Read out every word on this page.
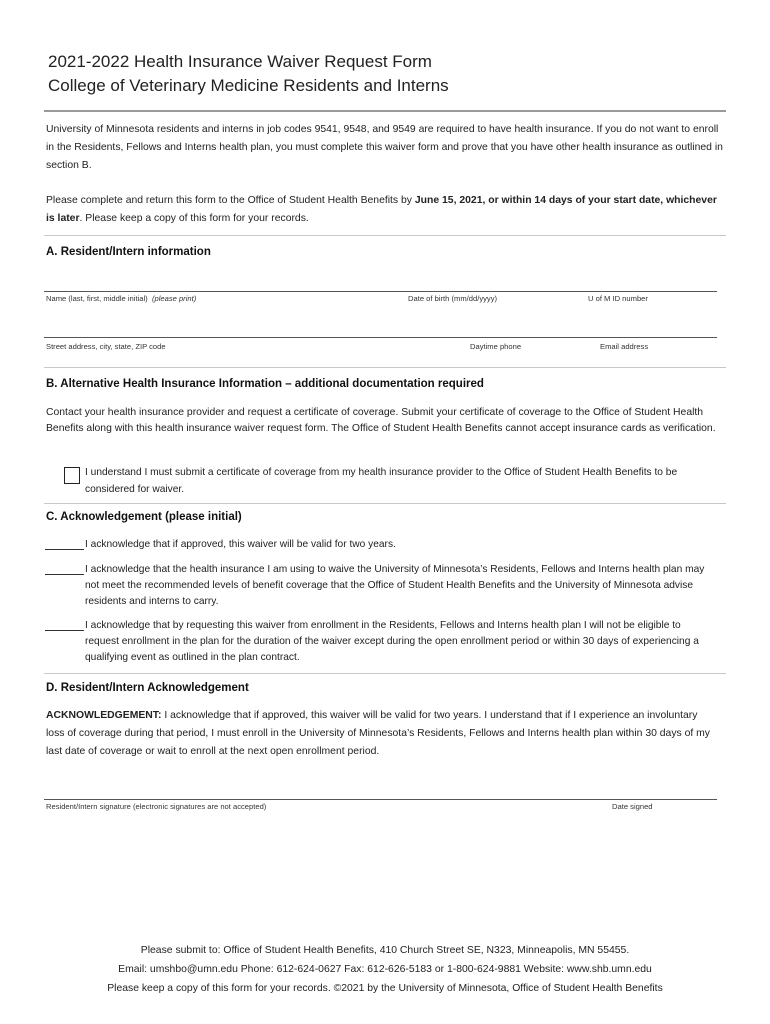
2021-2022 Health Insurance Waiver Request Form
College of Veterinary Medicine Residents and Interns
University of Minnesota residents and interns in job codes 9541, 9548, and 9549 are required to have health insurance. If you do not want to enroll in the Residents, Fellows and Interns health plan, you must complete this waiver form and prove that you have other health insurance as outlined in section B.
Please complete and return this form to the Office of Student Health Benefits by June 15, 2021, or within 14 days of your start date, whichever is later. Please keep a copy of this form for your records.
A. Resident/Intern information
Name (last, first, middle initial) (please print)	Date of birth (mm/dd/yyyy)	U of M ID number
Street address, city, state, ZIP code	Daytime phone	Email address
B. Alternative Health Insurance Information – additional documentation required
Contact your health insurance provider and request a certificate of coverage. Submit your certificate of coverage to the Office of Student Health Benefits along with this health insurance waiver request form. The Office of Student Health Benefits cannot accept insurance cards as verification.
I understand I must submit a certificate of coverage from my health insurance provider to the Office of Student Health Benefits to be considered for waiver.
C. Acknowledgement (please initial)
I acknowledge that if approved, this waiver will be valid for two years.
I acknowledge that the health insurance I am using to waive the University of Minnesota’s Residents, Fellows and Interns health plan may not meet the recommended levels of benefit coverage that the Office of Student Health Benefits and the University of Minnesota advise residents and interns to carry.
I acknowledge that by requesting this waiver from enrollment in the Residents, Fellows and Interns health plan I will not be eligible to request enrollment in the plan for the duration of the waiver except during the open enrollment period or within 30 days of experiencing a qualifying event as outlined in the plan contract.
D. Resident/Intern Acknowledgement
ACKNOWLEDGEMENT: I acknowledge that if approved, this waiver will be valid for two years. I understand that if I experience an involuntary loss of coverage during that period, I must enroll in the University of Minnesota’s Residents, Fellows and Interns health plan within 30 days of my last date of coverage or wait to enroll at the next open enrollment period.
Resident/Intern signature (electronic signatures are not accepted)	Date signed
Please submit to: Office of Student Health Benefits, 410 Church Street SE, N323, Minneapolis, MN 55455.
Email: umshbo@umn.edu Phone: 612-624-0627 Fax: 612-626-5183 or 1-800-624-9881 Website: www.shb.umn.edu
Please keep a copy of this form for your records. ©2021 by the University of Minnesota, Office of Student Health Benefits
